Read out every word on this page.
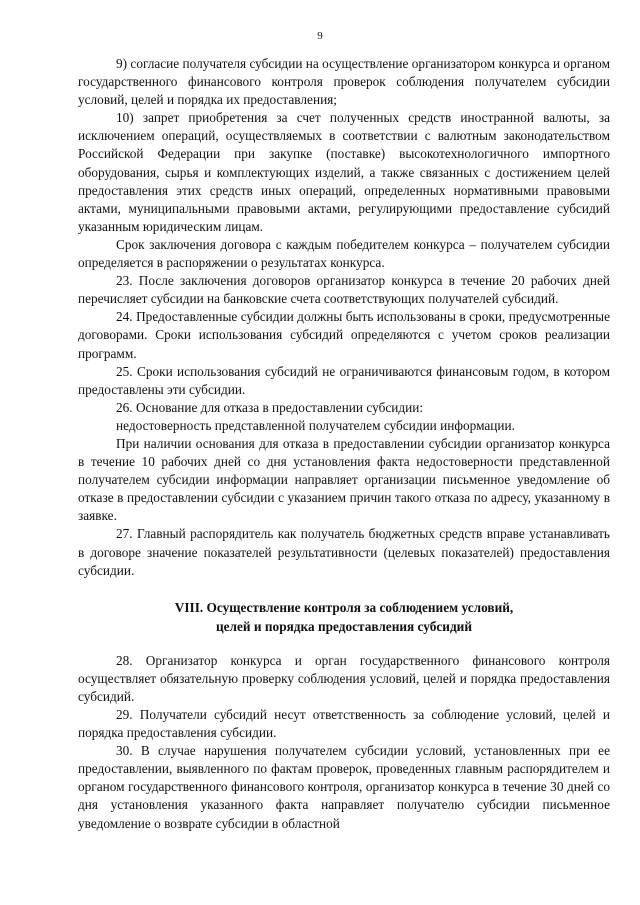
9

9) согласие получателя субсидии на осуществление организатором конкурса и органом государственного финансового контроля проверок соблюдения получателем субсидии условий, целей и порядка их предоставления;

10) запрет приобретения за счет полученных средств иностранной валюты, за исключением операций, осуществляемых в соответствии с валютным законодательством Российской Федерации при закупке (поставке) высокотехнологичного импортного оборудования, сырья и комплектующих изделий, а также связанных с достижением целей предоставления этих средств иных операций, определенных нормативными правовыми актами, муниципальными правовыми актами, регулирующими предоставление субсидий указанным юридическим лицам.

Срок заключения договора с каждым победителем конкурса – получателем субсидии определяется в распоряжении о результатах конкурса.

23. После заключения договоров организатор конкурса в течение 20 рабочих дней перечисляет субсидии на банковские счета соответствующих получателей субсидий.

24. Предоставленные субсидии должны быть использованы в сроки, предусмотренные договорами. Сроки использования субсидий определяются с учетом сроков реализации программ.

25. Сроки использования субсидий не ограничиваются финансовым годом, в котором предоставлены эти субсидии.

26. Основание для отказа в предоставлении субсидии:

недостоверность представленной получателем субсидии информации.

При наличии основания для отказа в предоставлении субсидии организатор конкурса в течение 10 рабочих дней со дня установления факта недостоверности представленной получателем субсидии информации направляет организации письменное уведомление об отказе в предоставлении субсидии с указанием причин такого отказа по адресу, указанному в заявке.

27. Главный распорядитель как получатель бюджетных средств вправе устанавливать в договоре значение показателей результативности (целевых показателей) предоставления субсидии.

VIII. Осуществление контроля за соблюдением условий,
целей и порядка предоставления субсидий

28. Организатор конкурса и орган государственного финансового контроля осуществляет обязательную проверку соблюдения условий, целей и порядка предоставления субсидий.

29. Получатели субсидий несут ответственность за соблюдение условий, целей и порядка предоставления субсидии.

30. В случае нарушения получателем субсидии условий, установленных при ее предоставлении, выявленного по фактам проверок, проведенных главным распорядителем и органом государственного финансового контроля, организатор конкурса в течение 30 дней со дня установления указанного факта направляет получателю субсидии письменное уведомление о возврате субсидии в областной
